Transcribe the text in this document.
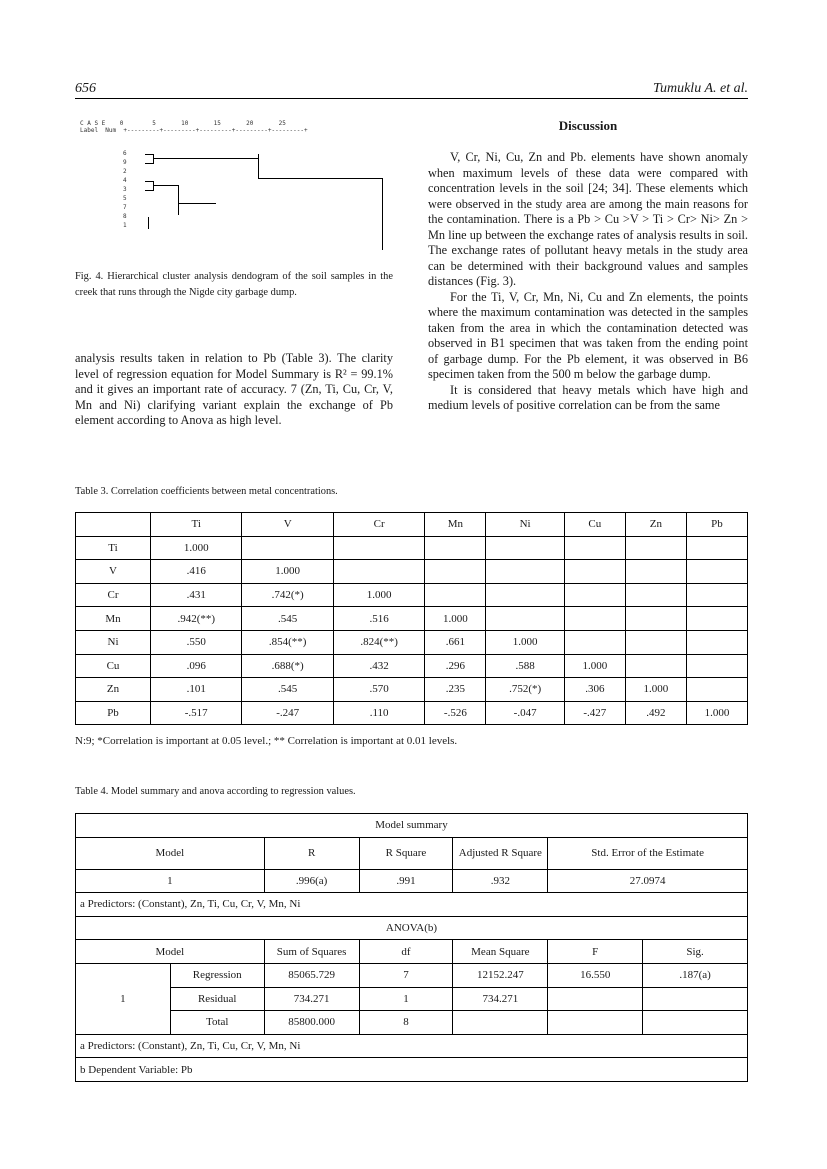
656	Tumuklu A. et al.
C A S E    0        5       10       15       20       25
Label  Num  +---------+---------+---------+---------+---------+
6
9
2
4
3
5
7
8
1
Fig. 4. Hierarchical cluster analysis dendogram of the soil samples in the creek that runs through the Nigde city garbage dump.
analysis results taken in relation to Pb (Table 3). The clarity level of regression equation for Model Summary is R² = 99.1% and it gives an important rate of accuracy. 7 (Zn, Ti, Cu, Cr, V, Mn and Ni) clarifying variant explain the exchange of Pb element according to Anova as high level.
Discussion

V, Cr, Ni, Cu, Zn and Pb. elements have shown anomaly when maximum levels of these data were compared with concentration levels in the soil [24; 34]. These elements which were observed in the study area are among the main reasons for the contamination. There is a Pb > Cu >V > Ti > Cr> Ni> Zn > Mn line up between the exchange rates of analysis results in soil. The exchange rates of pollutant heavy metals in the study area can be determined with their background values and samples distances (Fig. 3).

For the Ti, V, Cr, Mn, Ni, Cu and Zn elements, the points where the maximum contamination was detected in the samples taken from the area in which the contamination detected was observed in B1 specimen that was taken from the ending point of garbage dump. For the Pb element, it was observed in B6 specimen taken from the 500 m below the garbage dump.

It is considered that heavy metals which have high and medium levels of positive correlation can be from the same

Table 3. Correlation coefficients between metal concentrations.
	Ti	V	Cr	Mn	Ni	Cu	Zn	Pb
Ti	1.000							
V	.416	1.000						
Cr	.431	.742(*)	1.000					
Mn	.942(**)	.545	.516	1.000				
Ni	.550	.854(**)	.824(**)	.661	1.000			
Cu	.096	.688(*)	.432	.296	.588	1.000		
Zn	.101	.545	.570	.235	.752(*)	.306	1.000	
Pb	-.517	-.247	.110	-.526	-.047	-.427	.492	1.000
N:9; *Correlation is important at 0.05 level.; ** Correlation is important at 0.01 levels.
Table 4. Model summary and anova according to regression values.
Model summary						
Model		R	R Square	Adjusted R Square	Std. Error of the Estimate	
1		.996(a)	.991	.932	27.0974	
a Predictors: (Constant), Zn, Ti, Cu, Cr, V, Mn, Ni						
ANOVA(b)						
Model		Sum of Squares	df	Mean Square	F	Sig.
1	Regression	85065.729	7	12152.247	16.550	.187(a)
	Residual	734.271	1	734.271		
	Total	85800.000	8			
a Predictors: (Constant), Zn, Ti, Cu, Cr, V, Mn, Ni						
b Dependent Variable: Pb						
